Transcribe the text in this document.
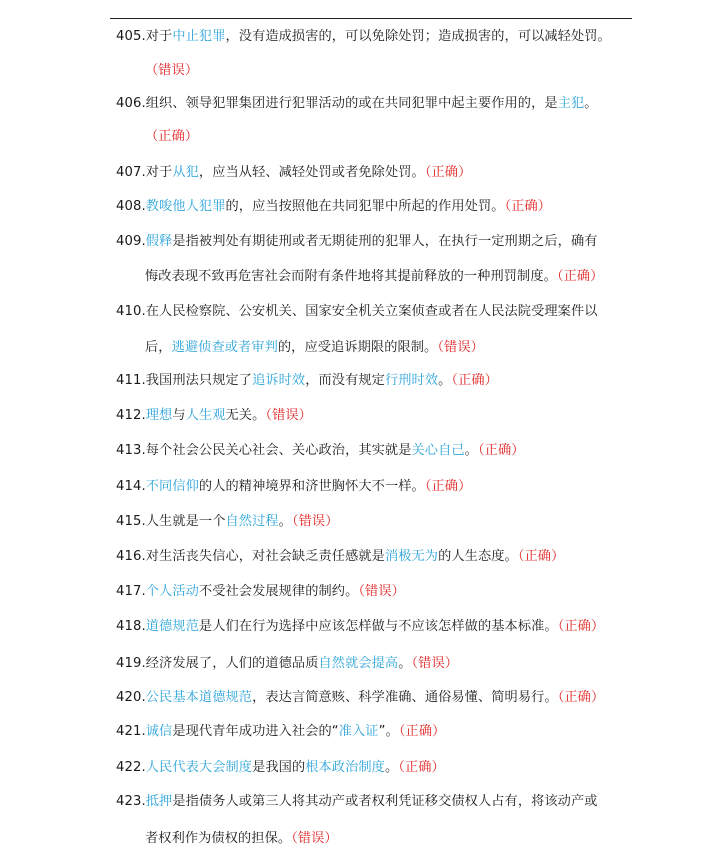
405.对于中止犯罪，没有造成损害的，可以免除处罚；造成损害的，可以减轻处罚。
（错误）
406.组织、领导犯罪集团进行犯罪活动的或在共同犯罪中起主要作用的，是主犯。
（正确）
407.对于从犯，应当从轻、减轻处罚或者免除处罚。（正确）
408.教唆他人犯罪的，应当按照他在共同犯罪中所起的作用处罚。（正确）
409.假释是指被判处有期徒刑或者无期徒刑的犯罪人，在执行一定刑期之后，确有
悔改表现不致再危害社会而附有条件地将其提前释放的一种刑罚制度。（正确）
410.在人民检察院、公安机关、国家安全机关立案侦查或者在人民法院受理案件以
后，逃避侦查或者审判的，应受追诉期限的限制。（错误）
411.我国刑法只规定了追诉时效，而没有规定行刑时效。（正确）
412.理想与人生观无关。（错误）
413.每个社会公民关心社会、关心政治，其实就是关心自己。（正确）
414.不同信仰的人的精神境界和济世胸怀大不一样。（正确）
415.人生就是一个自然过程。（错误）
416.对生活丧失信心，对社会缺乏责任感就是消极无为的人生态度。（正确）
417.个人活动不受社会发展规律的制约。（错误）
418.道德规范是人们在行为选择中应该怎样做与不应该怎样做的基本标准。（正确）
419.经济发展了，人们的道德品质自然就会提高。（错误）
420.公民基本道德规范，表达言简意赅、科学准确、通俗易懂、简明易行。（正确）
421.诚信是现代青年成功进入社会的“准入证”。（正确）
422.人民代表大会制度是我国的根本政治制度。（正确）
423.抵押是指债务人或第三人将其动产或者权利凭证移交债权人占有，将该动产或
者权利作为债权的担保。（错误）
